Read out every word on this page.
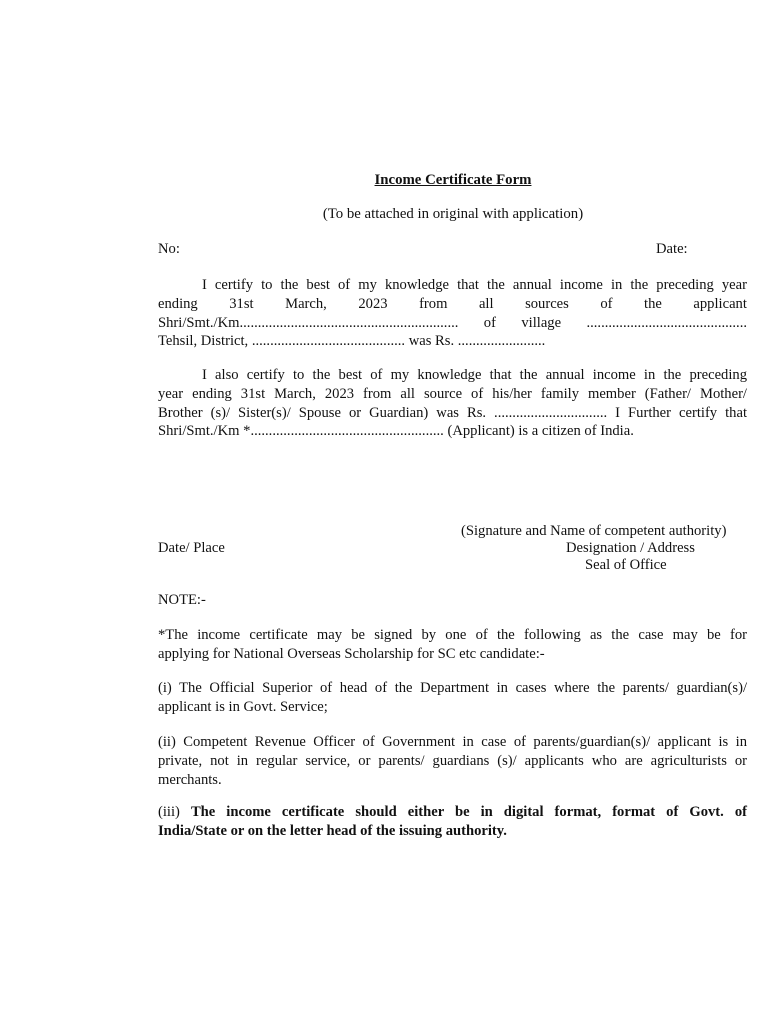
Income Certificate Form
(To be attached in original with application)
No:	Date:
I certify to the best of my knowledge that the annual income in the preceding year
ending 31st March, 2023 from all sources of the applicant
Shri/Smt./Km............................................................ of village ............................................
Tehsil, District, .......................................... was Rs. ........................
I also certify to the best of my knowledge that the annual income in the preceding
year ending 31st March, 2023 from all source of his/her family member (Father/ Mother/
Brother (s)/ Sister(s)/ Spouse or Guardian) was Rs. ............................... I Further certify that
Shri/Smt./Km *..................................................... (Applicant) is a citizen of India.
(Signature and Name of competent authority)
Date/ Place	Designation / Address
Seal of Office
NOTE:-
*The income certificate may be signed by one of the following as the case may be for
applying for National Overseas Scholarship for SC etc candidate:-
(i) The Official Superior of head of the Department in cases where the parents/ guardian(s)/
applicant is in Govt. Service;
(ii) Competent Revenue Officer of Government in case of parents/guardian(s)/ applicant is in
private, not in regular service, or parents/ guardians (s)/ applicants who are agriculturists or
merchants.
(iii) The income certificate should either be in digital format, format of Govt. of
India/State or on the letter head of the issuing authority.
